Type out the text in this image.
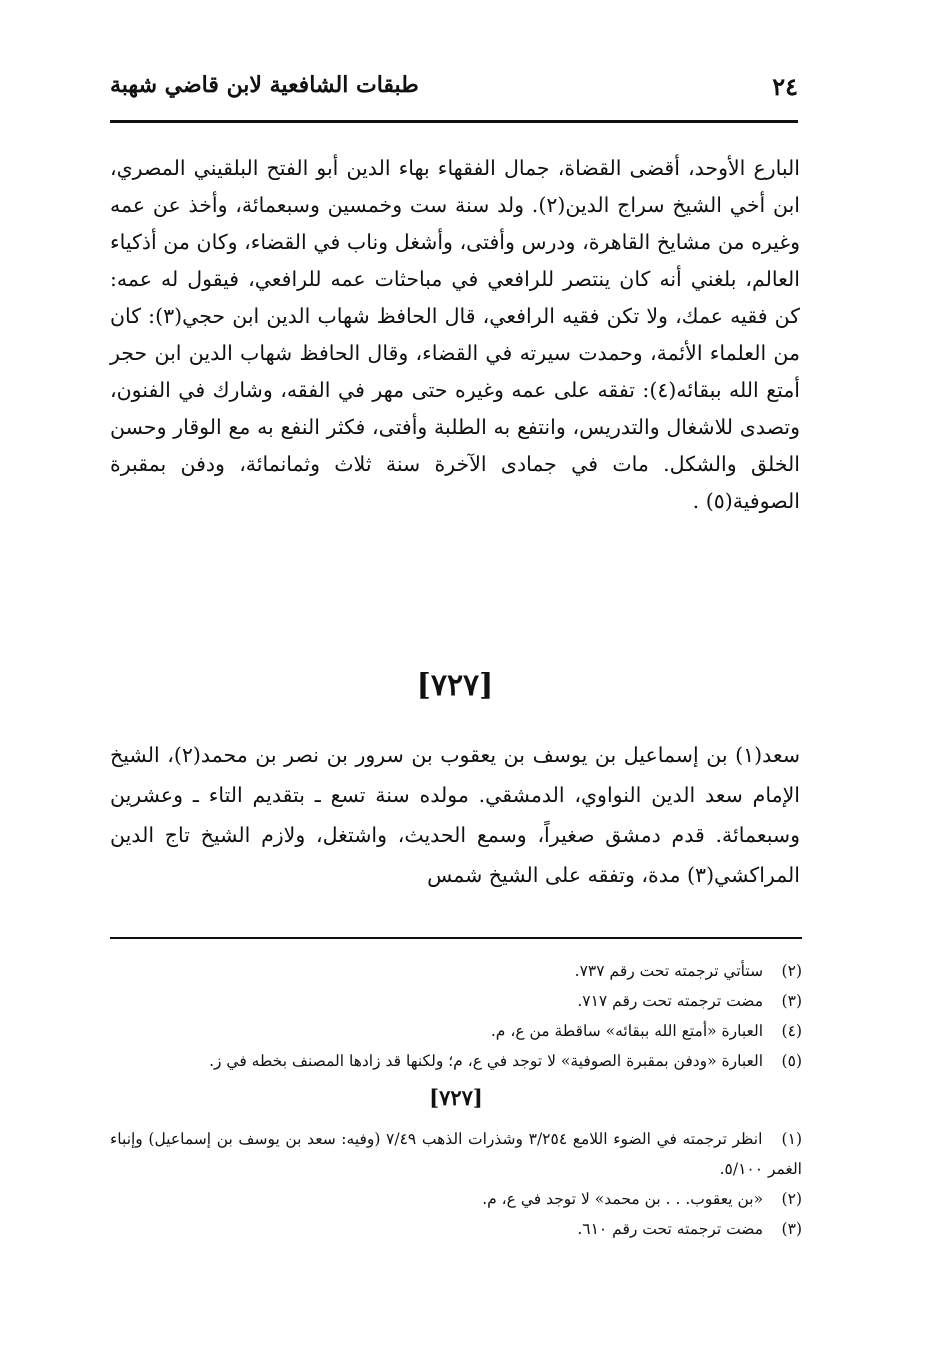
٢٤
طبقات الشافعية لابن قاضي شهبة
البارع الأوحد، أقضى القضاة، جمال الفقهاء بهاء الدين أبو الفتح البلقيني المصري، ابن أخي الشيخ سراج الدين(٢). ولد سنة ست وخمسين وسبعمائة، وأخذ عن عمه وغيره من مشايخ القاهرة، ودرس وأفتى، وأشغل وناب في القضاء، وكان من أذكياء العالم، بلغني أنه كان ينتصر للرافعي في مباحثات عمه للرافعي، فيقول له عمه: كن فقيه عمك، ولا تكن فقيه الرافعي، قال الحافظ شهاب الدين ابن حجي(٣): كان من العلماء الأئمة، وحمدت سيرته في القضاء، وقال الحافظ شهاب الدين ابن حجر أمتع الله ببقائه(٤): تفقه على عمه وغيره حتى مهر في الفقه، وشارك في الفنون، وتصدى للاشغال والتدريس، وانتفع به الطلبة وأفتى، فكثر النفع به مع الوقار وحسن الخلق والشكل. مات في جمادى الآخرة سنة ثلاث وثمانمائة، ودفن بمقبرة الصوفية(٥) .
[٧٢٧]
سعد(١) بن إسماعيل بن يوسف بن يعقوب بن سرور بن نصر بن محمد(٢)، الشيخ الإمام سعد الدين النواوي، الدمشقي. مولده سنة تسع ـ بتقديم التاء ـ وعشرين وسبعمائة. قدم دمشق صغيراً، وسمع الحديث، واشتغل، ولازم الشيخ تاج الدين المراكشي(٣) مدة، وتفقه على الشيخ شمس
(٢) ستأتي ترجمته تحت رقم ٧٣٧.
(٣) مضت ترجمته تحت رقم ٧١٧.
(٤) العبارة «أمتع الله ببقائه» ساقطة من ع، م.
(٥) العبارة «ودفن بمقبرة الصوفية» لا توجد في ع، م؛ ولكنها قد زادها المصنف بخطه في ز.
[٧٢٧]
(١) انظر ترجمته في الضوء اللامع ٣/٢٥٤ وشذرات الذهب ٧/٤٩ (وفيه: سعد بن يوسف بن إسماعيل) وإنباء الغمر ٥/١٠٠.
(٢) «بن يعقوب. . . بن محمد» لا توجد في ع، م.
(٣) مضت ترجمته تحت رقم ٦١٠.
